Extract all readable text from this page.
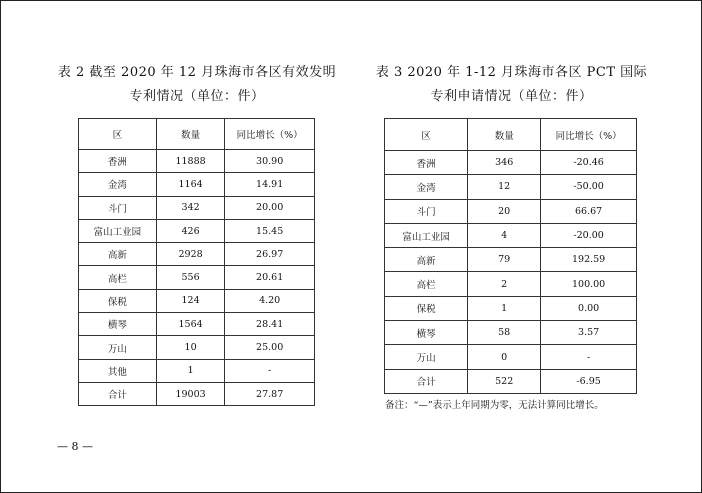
表 2 截至 2020 年 12 月珠海市各区有效发明
专利情况（单位：件）
区	数量	同比增长（%）
香洲	11888	30.90
金湾	1164	14.91
斗门	342	20.00
富山工业园	426	15.45
高新	2928	26.97
高栏	556	20.61
保税	124	4.20
横琴	1564	28.41
万山	10	25.00
其他	1	-
合计	19003	27.87
表 3 2020 年 1-12 月珠海市各区 PCT 国际
专利申请情况（单位：件）
区	数量	同比增长（%）
香洲	346	-20.46
金湾	12	-50.00
斗门	20	66.67
富山工业园	4	-20.00
高新	79	192.59
高栏	2	100.00
保税	1	0.00
横琴	58	3.57
万山	0	-
合计	522	-6.95
备注：“—”表示上年同期为零，无法计算同比增长。
— 8 —
